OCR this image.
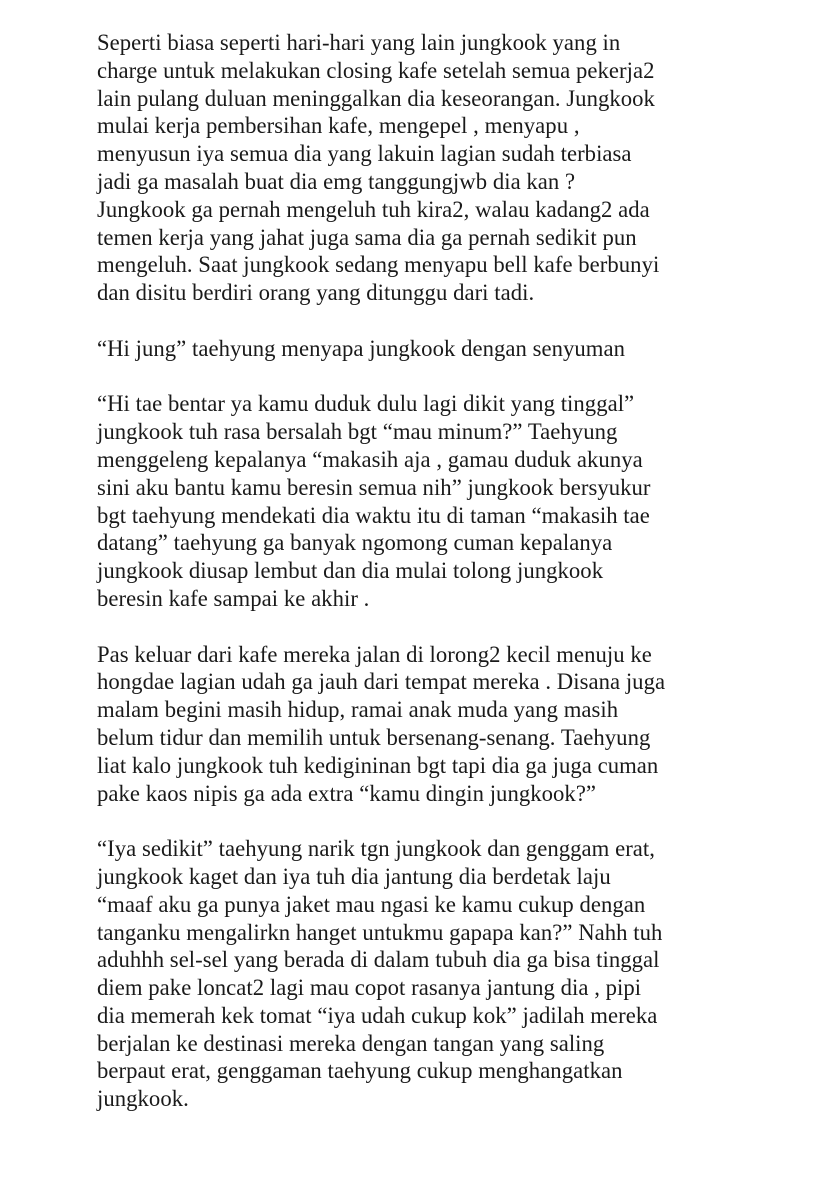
Seperti biasa seperti hari-hari yang lain jungkook yang in
charge untuk melakukan closing kafe setelah semua pekerja2
lain pulang duluan meninggalkan dia keseorangan. Jungkook
mulai kerja pembersihan kafe, mengepel , menyapu ,
menyusun iya semua dia yang lakuin lagian sudah terbiasa
jadi ga masalah buat dia emg tanggungjwb dia kan ?
Jungkook ga pernah mengeluh tuh kira2, walau kadang2 ada
temen kerja yang jahat juga sama dia ga pernah sedikit pun
mengeluh. Saat jungkook sedang menyapu bell kafe berbunyi
dan disitu berdiri orang yang ditunggu dari tadi.

“Hi jung” taehyung menyapa jungkook dengan senyuman

“Hi tae bentar ya kamu duduk dulu lagi dikit yang tinggal”
jungkook tuh rasa bersalah bgt “mau minum?” Taehyung
menggeleng kepalanya “makasih aja , gamau duduk akunya
sini aku bantu kamu beresin semua nih” jungkook bersyukur
bgt taehyung mendekati dia waktu itu di taman “makasih tae
datang” taehyung ga banyak ngomong cuman kepalanya
jungkook diusap lembut dan dia mulai tolong jungkook
beresin kafe sampai ke akhir .

Pas keluar dari kafe mereka jalan di lorong2 kecil menuju ke
hongdae lagian udah ga jauh dari tempat mereka . Disana juga
malam begini masih hidup, ramai anak muda yang masih
belum tidur dan memilih untuk bersenang-senang. Taehyung
liat kalo jungkook tuh kedigininan bgt tapi dia ga juga cuman
pake kaos nipis ga ada extra “kamu dingin jungkook?”

“Iya sedikit” taehyung narik tgn jungkook dan genggam erat,
jungkook kaget dan iya tuh dia jantung dia berdetak laju
“maaf aku ga punya jaket mau ngasi ke kamu cukup dengan
tanganku mengalirkn hanget untukmu gapapa kan?” Nahh tuh
aduhhh sel-sel yang berada di dalam tubuh dia ga bisa tinggal
diem pake loncat2 lagi mau copot rasanya jantung dia , pipi
dia memerah kek tomat “iya udah cukup kok” jadilah mereka
berjalan ke destinasi mereka dengan tangan yang saling
berpaut erat, genggaman taehyung cukup menghangatkan
jungkook.
